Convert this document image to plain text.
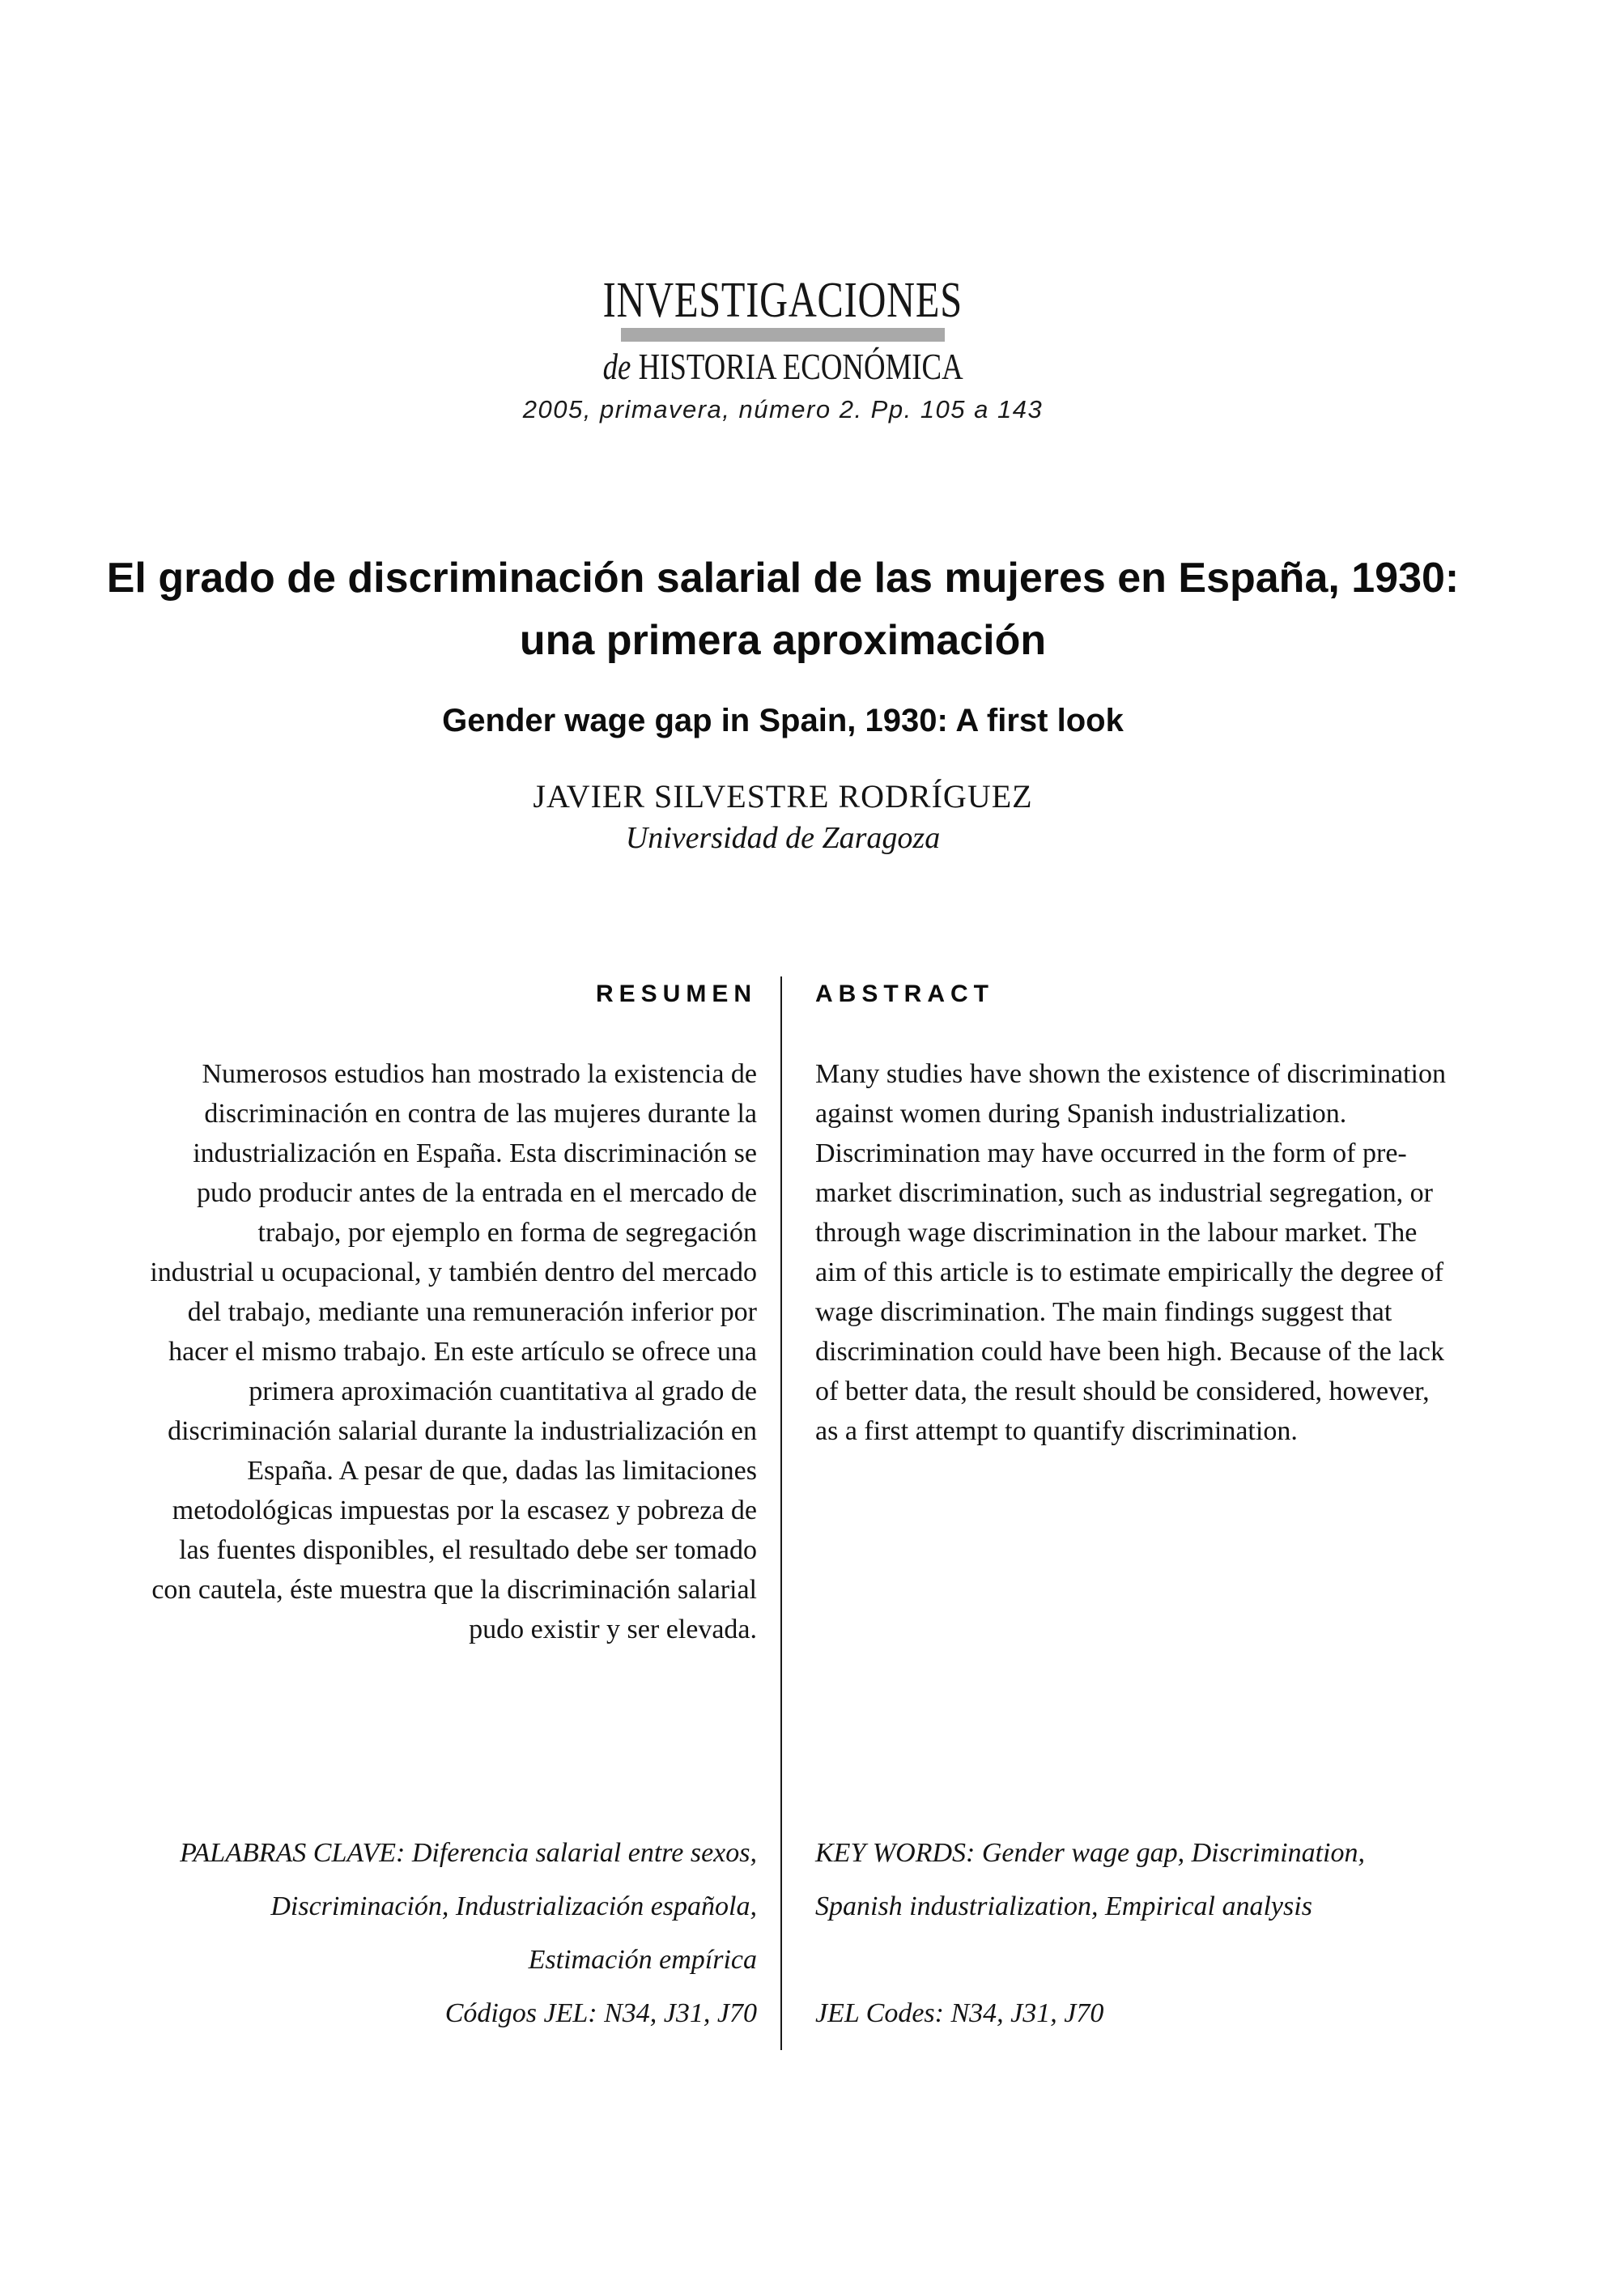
INVESTIGACIONES
de HISTORIA ECONÓMICA
2005, primavera, número 2. Pp. 105 a 143
El grado de discriminación salarial de las mujeres en España, 1930:
una primera aproximación
Gender wage gap in Spain, 1930: A first look
JAVIER SILVESTRE RODRÍGUEZ
Universidad de Zaragoza
RESUMEN ABSTRACT
Numerosos estudios han mostrado la existencia de discriminación en contra de las mujeres durante la industrialización en España. Esta discriminación se pudo producir antes de la entrada en el mercado de trabajo, por ejemplo en forma de segregación industrial u ocupacional, y también dentro del mercado del trabajo, mediante una remuneración inferior por hacer el mismo trabajo. En este artículo se ofrece una primera aproximación cuantitativa al grado de discriminación salarial durante la industrialización en España. A pesar de que, dadas las limitaciones metodológicas impuestas por la escasez y pobreza de las fuentes disponibles, el resultado debe ser tomado con cautela, éste muestra que la discriminación salarial pudo existir y ser elevada.
Many studies have shown the existence of discrimination against women during Spanish industrialization. Discrimination may have occurred in the form of pre-market discrimination, such as industrial segregation, or through wage discrimination in the labour market. The aim of this article is to estimate empirically the degree of wage discrimination. The main findings suggest that discrimination could have been high. Because of the lack of better data, the result should be considered, however, as a first attempt to quantify discrimination.
PALABRAS CLAVE: Diferencia salarial entre sexos, Discriminación, Industrialización española, Estimación empírica
KEY WORDS: Gender wage gap, Discrimination, Spanish industrialization, Empirical analysis
Códigos JEL: N34, J31, J70 JEL Codes: N34, J31, J70
